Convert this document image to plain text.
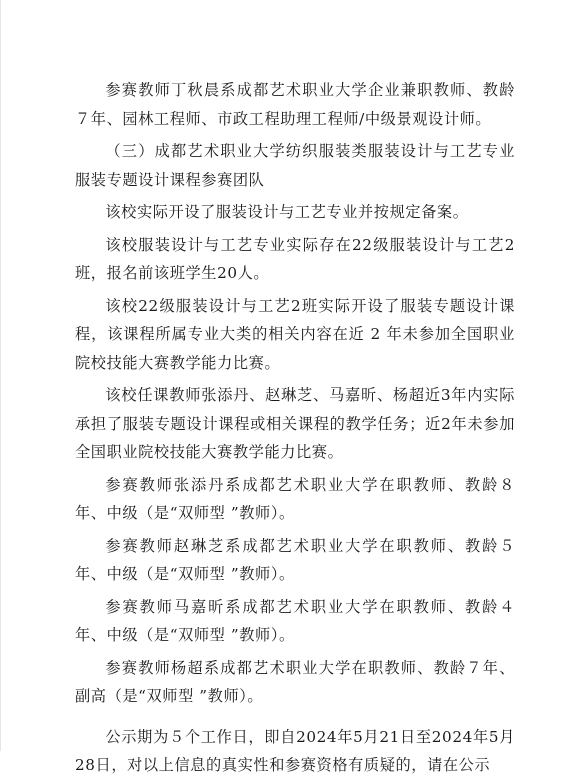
参赛教师丁秋晨系成都艺术职业大学企业兼职教师、教龄７年、园林工程师、市政工程助理工程师/中级景观设计师。

（三）成都艺术职业大学纺织服装类服装设计与工艺专业服装专题设计课程参赛团队

该校实际开设了服装设计与工艺专业并按规定备案。

该校服装设计与工艺专业实际存在22级服装设计与工艺2班，报名前该班学生20人。

该校22级服装设计与工艺2班实际开设了服装专题设计课程，该课程所属专业大类的相关内容在近 2 年未参加全国职业院校技能大赛教学能力比赛。

该校任课教师张添丹、赵琳芝、马嘉昕、杨超近3年内实际承担了服装专题设计课程或相关课程的教学任务；近2年未参加全国职业院校技能大赛教学能力比赛。

参赛教师张添丹系成都艺术职业大学在职教师、教龄８年、中级（是“双师型 ”教师）。

参赛教师赵琳芝系成都艺术职业大学在职教师、教龄５年、中级（是“双师型 ”教师）。

参赛教师马嘉昕系成都艺术职业大学在职教师、教龄４年、中级（是“双师型 ”教师）。

参赛教师杨超系成都艺术职业大学在职教师、教龄７年、副高（是“双师型 ”教师）。

公示期为５个工作日，即自2024年5月21日至2024年5月28日，对以上信息的真实性和参赛资格有质疑的，请在公示
